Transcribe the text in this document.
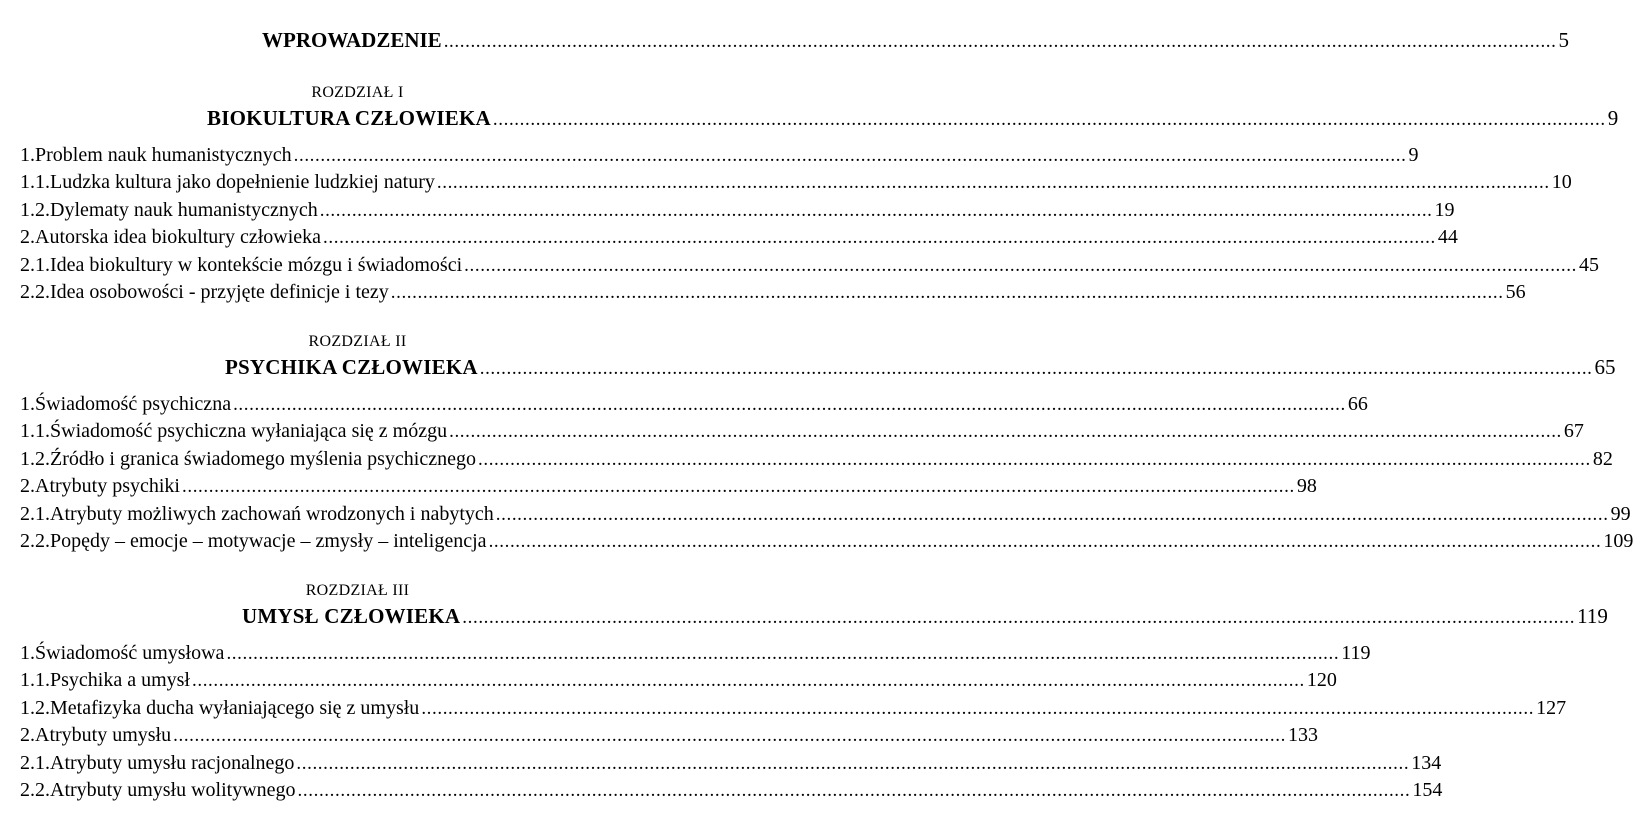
WPROWADZENIE .....	5
ROZDZIAŁ I
BIOKULTURA CZŁOWIEKA .....	9
1. Problem nauk humanistycznych .....	9
1.1. Ludzka kultura jako dopełnienie ludzkiej natury .....	10
1.2. Dylematy nauk humanistycznych .....	19
2. Autorska idea biokultury człowieka .....	44
2.1. Idea biokultury w kontekście mózgu i świadomości .....	45
2.2. Idea osobowości - przyjęte definicje i tezy .....	56
ROZDZIAŁ II
PSYCHIKA CZŁOWIEKA .....	65
1. Świadomość psychiczna .....	66
1.1. Świadomość psychiczna wyłaniająca się z mózgu .....	67
1.2. Źródło i granica świadomego myślenia psychicznego .....	82
2. Atrybuty psychiki .....	98
2.1. Atrybuty możliwych zachowań wrodzonych i nabytych .....	99
2.2. Popędy – emocje – motywacje – zmysły – inteligencja .....	109
ROZDZIAŁ III
UMYSŁ CZŁOWIEKA .....	119
1. Świadomość umysłowa .....	119
1.1. Psychika a umysł .....	120
1.2. Metafizyka ducha wyłaniającego się z umysłu .....	127
2. Atrybuty umysłu .....	133
2.1. Atrybuty umysłu racjonalnego .....	134
2.2. Atrybuty umysłu wolitywnego .....	154
